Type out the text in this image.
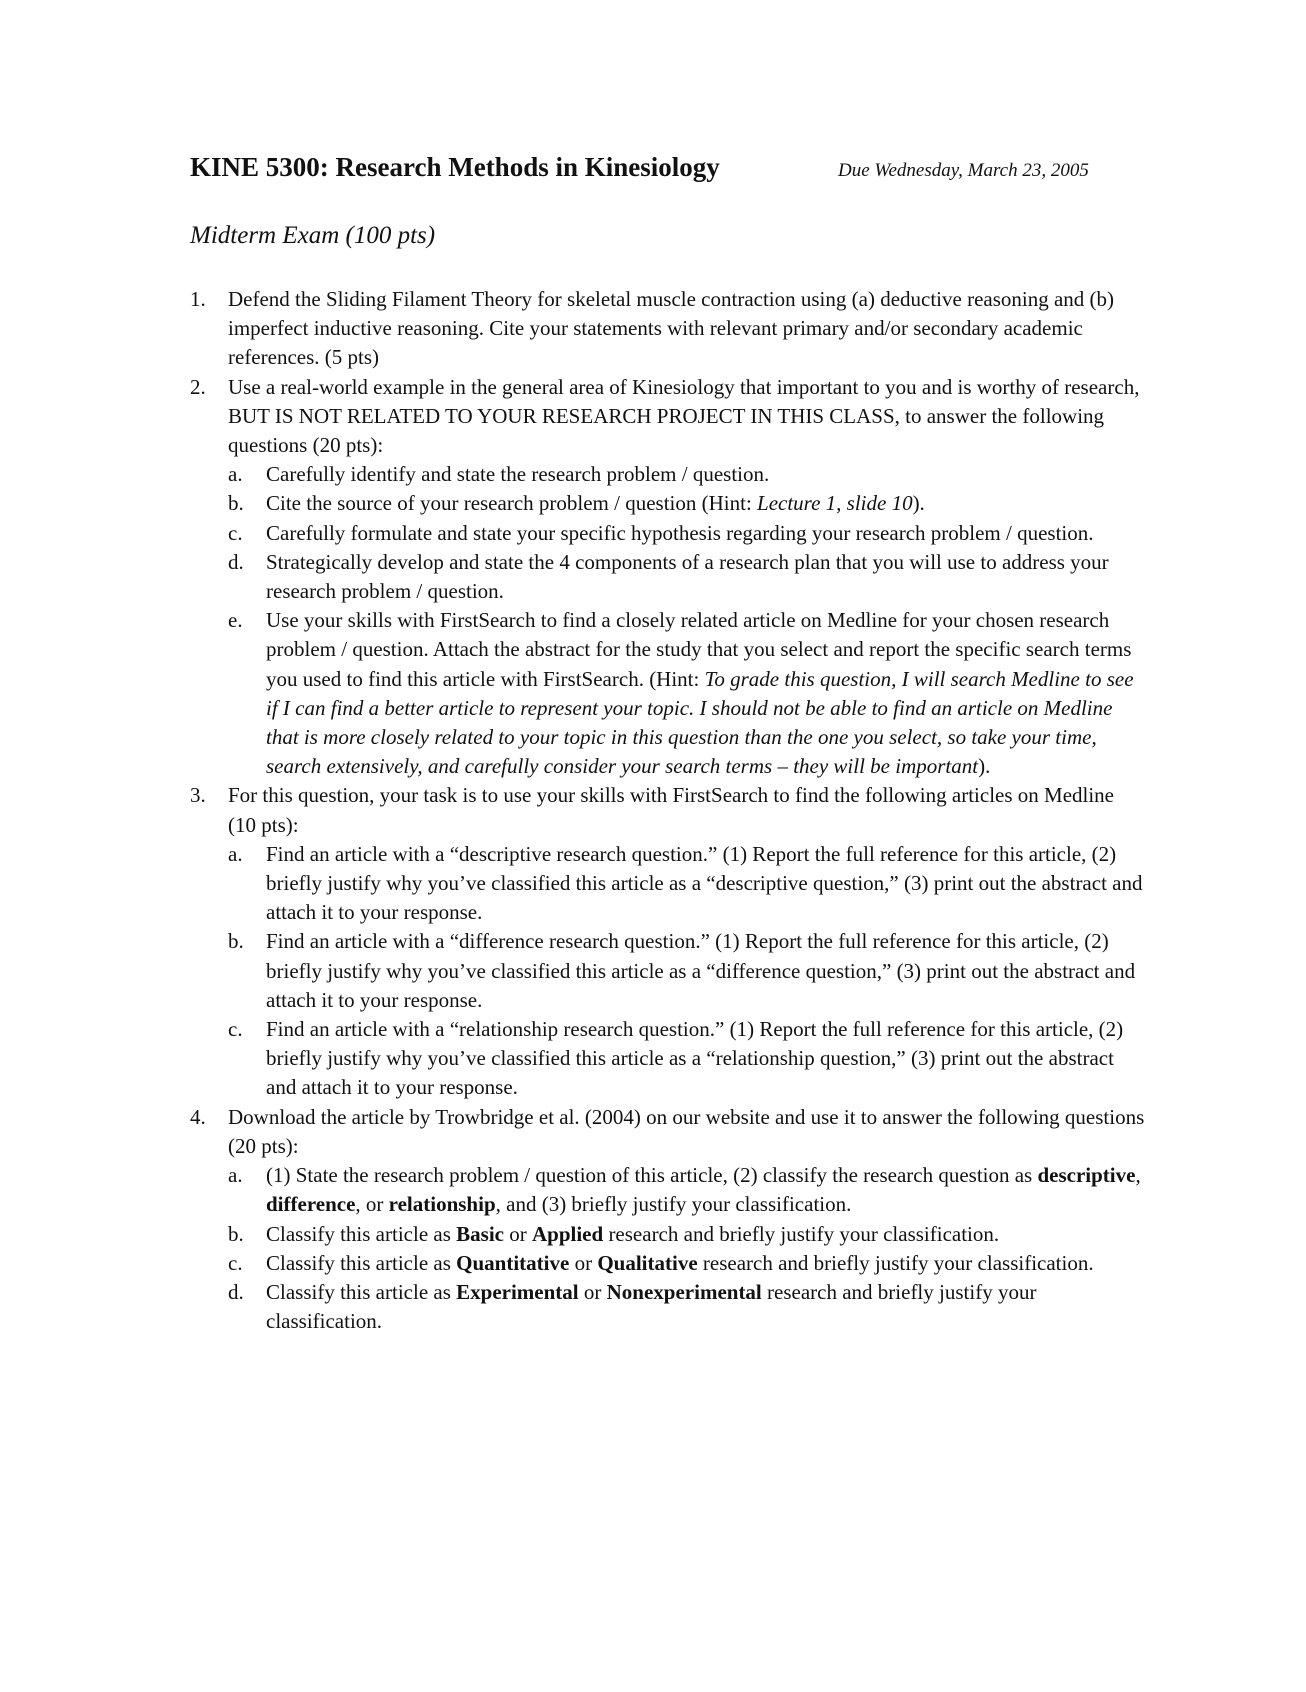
KINE 5300: Research Methods in Kinesiology	Due Wednesday, March 23, 2005
Midterm Exam (100 pts)
1. Defend the Sliding Filament Theory for skeletal muscle contraction using (a) deductive reasoning and (b) imperfect inductive reasoning. Cite your statements with relevant primary and/or secondary academic references. (5 pts)
2. Use a real-world example in the general area of Kinesiology that important to you and is worthy of research, BUT IS NOT RELATED TO YOUR RESEARCH PROJECT IN THIS CLASS, to answer the following questions (20 pts):
a. Carefully identify and state the research problem / question.
b. Cite the source of your research problem / question (Hint: Lecture 1, slide 10).
c. Carefully formulate and state your specific hypothesis regarding your research problem / question.
d. Strategically develop and state the 4 components of a research plan that you will use to address your research problem / question.
e. Use your skills with FirstSearch to find a closely related article on Medline for your chosen research problem / question. Attach the abstract for the study that you select and report the specific search terms you used to find this article with FirstSearch. (Hint: To grade this question, I will search Medline to see if I can find a better article to represent your topic. I should not be able to find an article on Medline that is more closely related to your topic in this question than the one you select, so take your time, search extensively, and carefully consider your search terms – they will be important).
3. For this question, your task is to use your skills with FirstSearch to find the following articles on Medline (10 pts):
a. Find an article with a “descriptive research question.” (1) Report the full reference for this article, (2) briefly justify why you’ve classified this article as a “descriptive question,” (3) print out the abstract and attach it to your response.
b. Find an article with a “difference research question.” (1) Report the full reference for this article, (2) briefly justify why you’ve classified this article as a “difference question,” (3) print out the abstract and attach it to your response.
c. Find an article with a “relationship research question.” (1) Report the full reference for this article, (2) briefly justify why you’ve classified this article as a “relationship question,” (3) print out the abstract and attach it to your response.
4. Download the article by Trowbridge et al. (2004) on our website and use it to answer the following questions (20 pts):
a. (1) State the research problem / question of this article, (2) classify the research question as descriptive, difference, or relationship, and (3) briefly justify your classification.
b. Classify this article as Basic or Applied research and briefly justify your classification.
c. Classify this article as Quantitative or Qualitative research and briefly justify your classification.
d. Classify this article as Experimental or Nonexperimental research and briefly justify your classification.
